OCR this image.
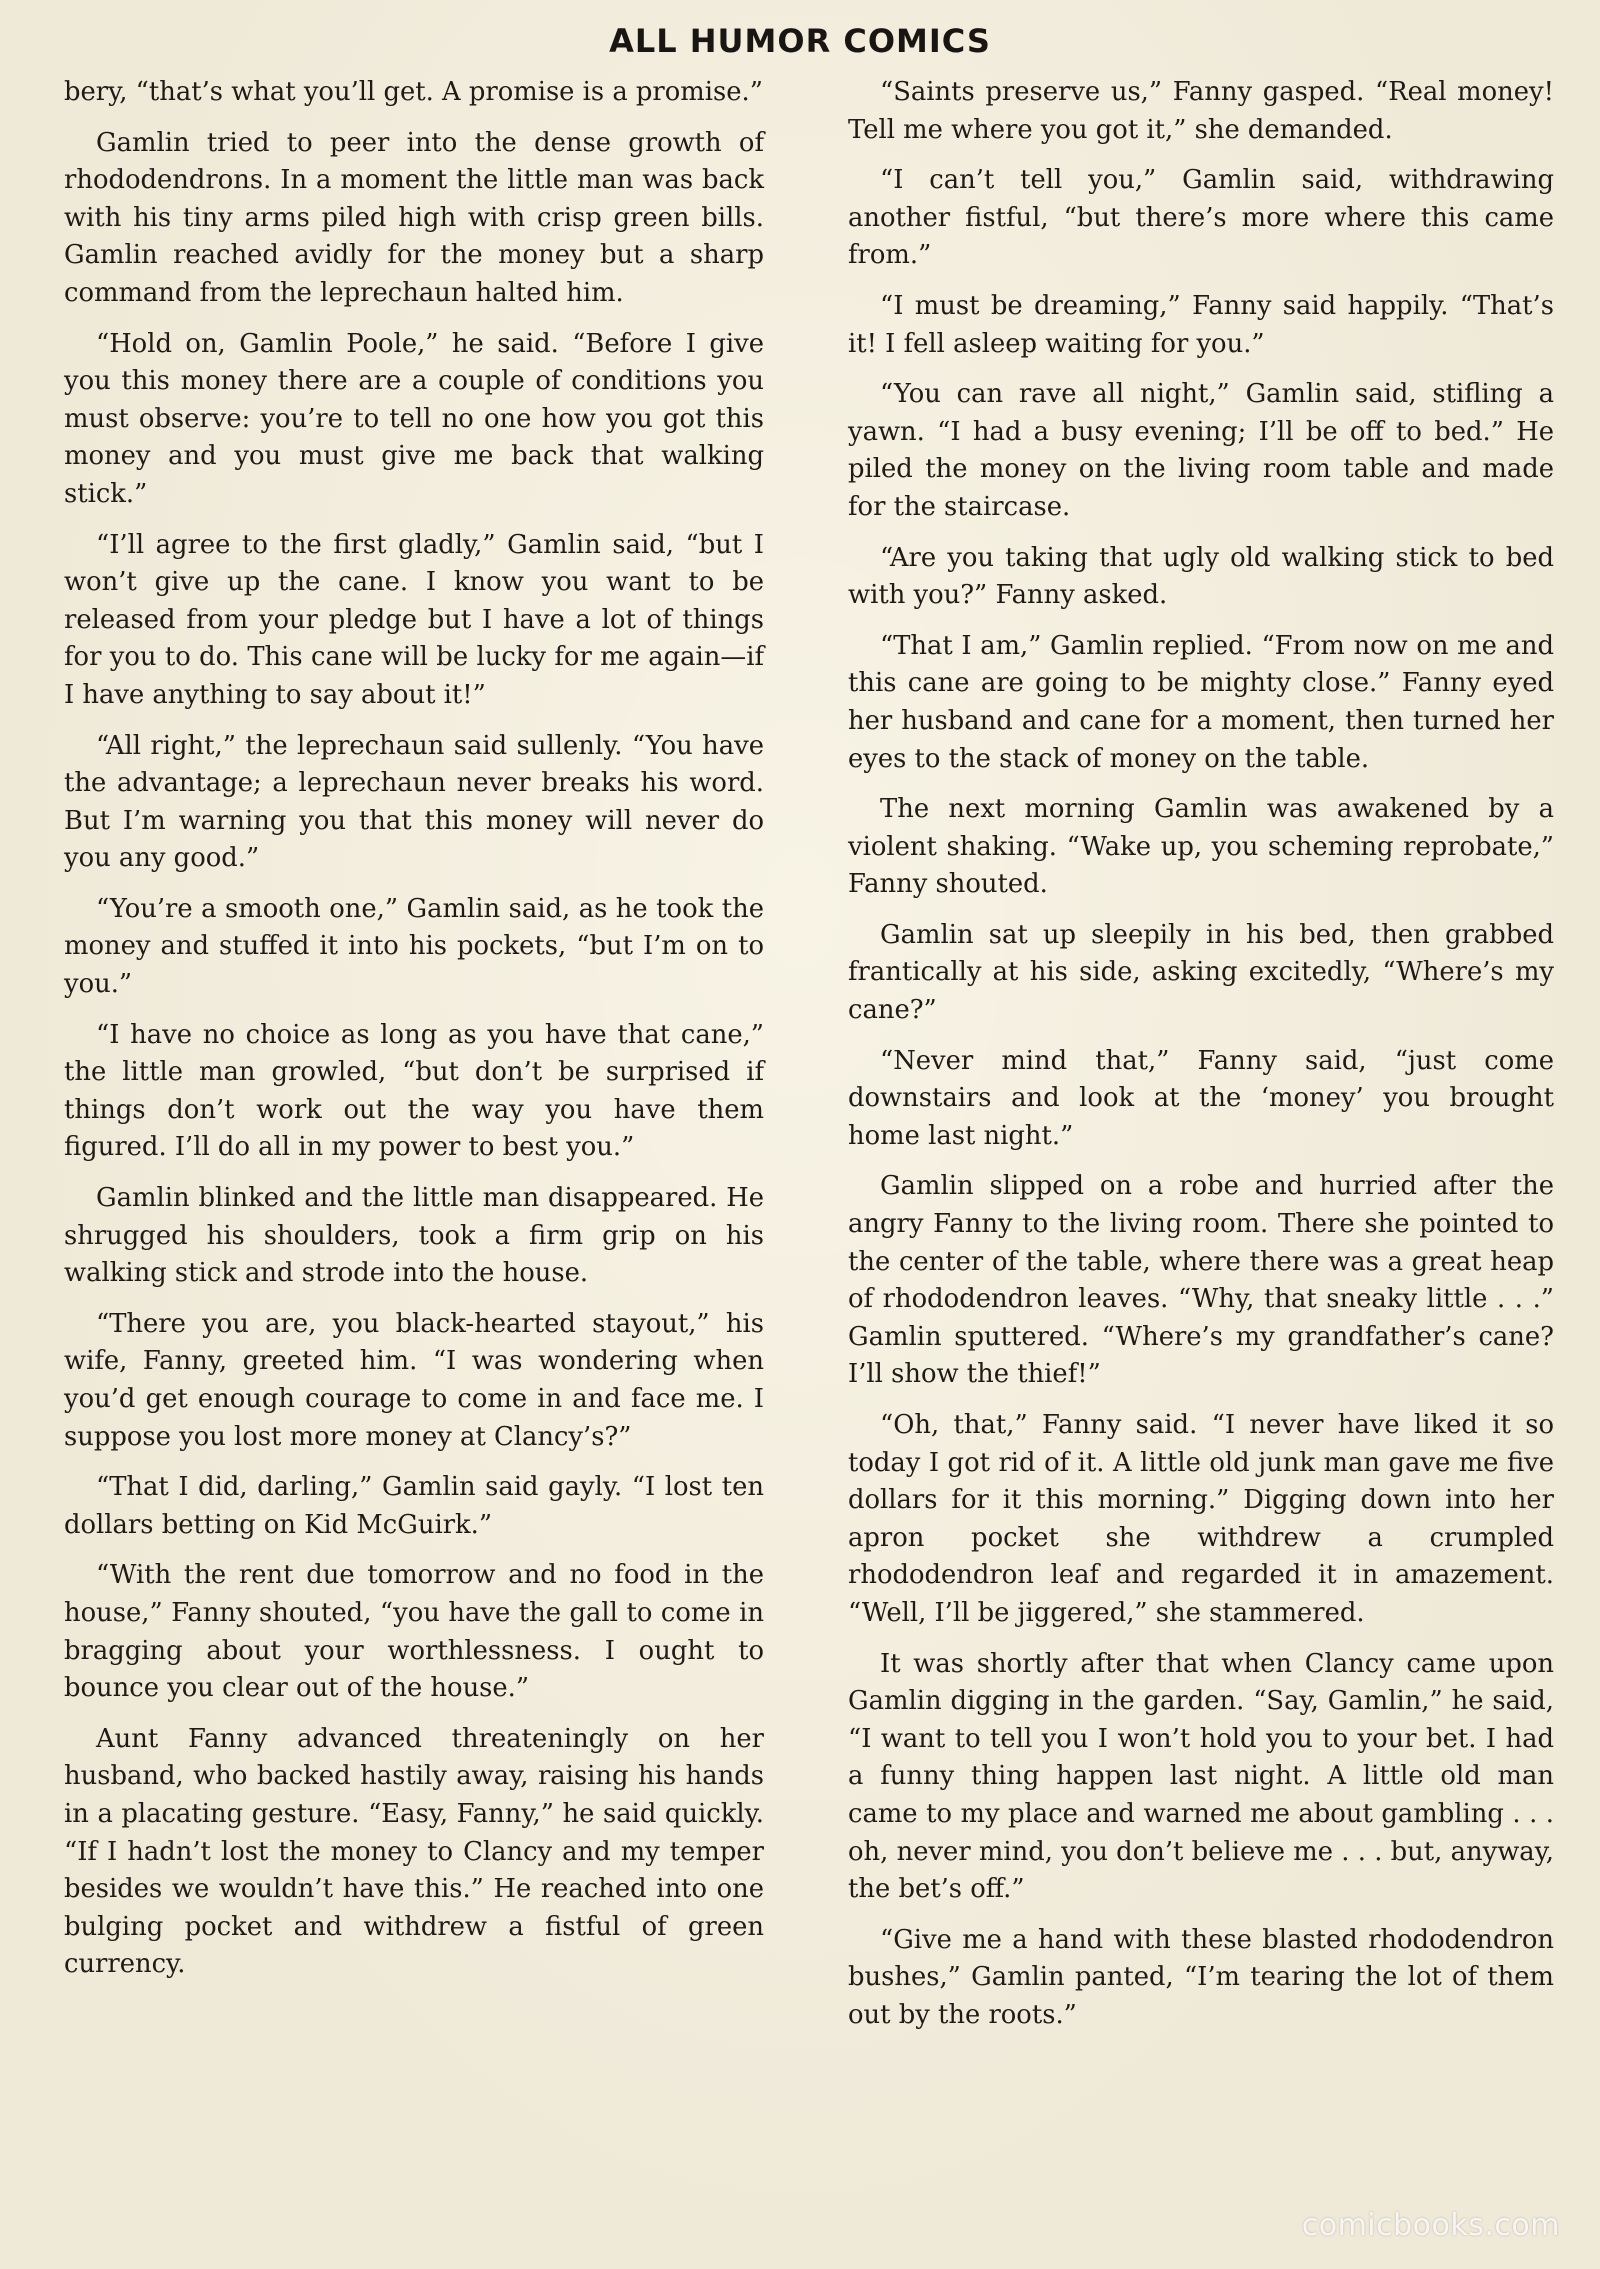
ALL HUMOR COMICS

bery, “that’s what you’ll get. A promise is a promise.”

Gamlin tried to peer into the dense growth of rhododendrons. In a moment the little man was back with his tiny arms piled high with crisp green bills. Gamlin reached avidly for the money but a sharp command from the leprechaun halted him.

“Hold on, Gamlin Poole,” he said. “Before I give you this money there are a couple of conditions you must observe: you’re to tell no one how you got this money and you must give me back that walking stick.”

“I’ll agree to the first gladly,” Gamlin said, “but I won’t give up the cane. I know you want to be released from your pledge but I have a lot of things for you to do. This cane will be lucky for me again—if I have anything to say about it!”

“All right,” the leprechaun said sullenly. “You have the advantage; a leprechaun never breaks his word. But I’m warning you that this money will never do you any good.”

“You’re a smooth one,” Gamlin said, as he took the money and stuffed it into his pockets, “but I’m on to you.”

“I have no choice as long as you have that cane,” the little man growled, “but don’t be surprised if things don’t work out the way you have them figured. I’ll do all in my power to best you.”

Gamlin blinked and the little man disappeared. He shrugged his shoulders, took a firm grip on his walking stick and strode into the house.

“There you are, you black-hearted stayout,” his wife, Fanny, greeted him. “I was wondering when you’d get enough courage to come in and face me. I suppose you lost more money at Clancy’s?”

“That I did, darling,” Gamlin said gayly. “I lost ten dollars betting on Kid McGuirk.”

“With the rent due tomorrow and no food in the house,” Fanny shouted, “you have the gall to come in bragging about your worthlessness. I ought to bounce you clear out of the house.”

Aunt Fanny advanced threateningly on her husband, who backed hastily away, raising his hands in a placating gesture. “Easy, Fanny,” he said quickly. “If I hadn’t lost the money to Clancy and my temper besides we wouldn’t have this.” He reached into one bulging pocket and withdrew a fistful of green currency.

“Saints preserve us,” Fanny gasped. “Real money! Tell me where you got it,” she demanded.

“I can’t tell you,” Gamlin said, withdrawing another fistful, “but there’s more where this came from.”

“I must be dreaming,” Fanny said happily. “That’s it! I fell asleep waiting for you.”

“You can rave all night,” Gamlin said, stifling a yawn. “I had a busy evening; I’ll be off to bed.” He piled the money on the living room table and made for the staircase.

“Are you taking that ugly old walking stick to bed with you?” Fanny asked.

“That I am,” Gamlin replied. “From now on me and this cane are going to be mighty close.” Fanny eyed her husband and cane for a moment, then turned her eyes to the stack of money on the table.

The next morning Gamlin was awakened by a violent shaking. “Wake up, you scheming reprobate,” Fanny shouted.

Gamlin sat up sleepily in his bed, then grabbed frantically at his side, asking excitedly, “Where’s my cane?”

“Never mind that,” Fanny said, “just come downstairs and look at the ‘money’ you brought home last night.”

Gamlin slipped on a robe and hurried after the angry Fanny to the living room. There she pointed to the center of the table, where there was a great heap of rhododendron leaves. “Why, that sneaky little . . .” Gamlin sputtered. “Where’s my grandfather’s cane? I’ll show the thief!”

“Oh, that,” Fanny said. “I never have liked it so today I got rid of it. A little old junk man gave me five dollars for it this morning.” Digging down into her apron pocket she withdrew a crumpled rhododendron leaf and regarded it in amazement. “Well, I’ll be jiggered,” she stammered.

It was shortly after that when Clancy came upon Gamlin digging in the garden. “Say, Gamlin,” he said, “I want to tell you I won’t hold you to your bet. I had a funny thing happen last night. A little old man came to my place and warned me about gambling . . . oh, never mind, you don’t believe me . . . but, anyway, the bet’s off.”

“Give me a hand with these blasted rhododendron bushes,” Gamlin panted, “I’m tearing the lot of them out by the roots.”

comicbooks.com
